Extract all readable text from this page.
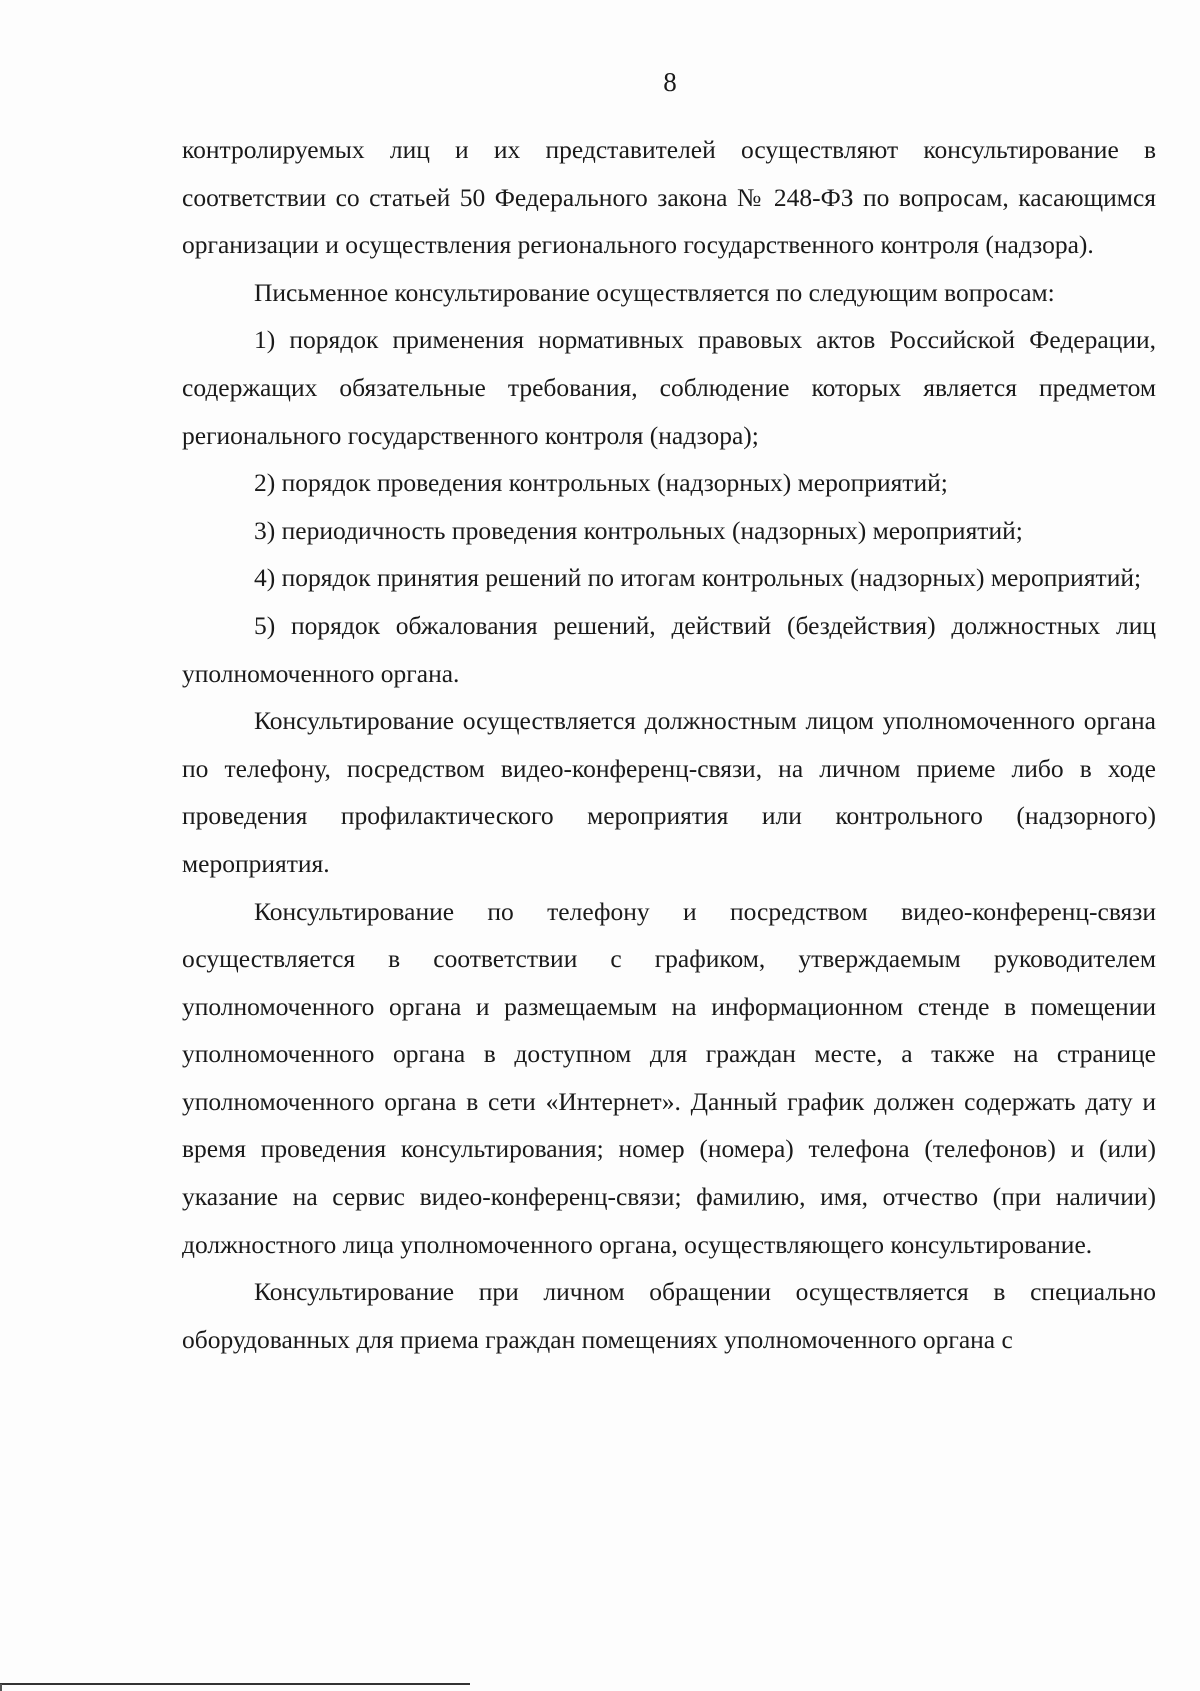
8

контролируемых лиц и их представителей осуществляют консультирование в соответствии со статьей 50 Федерального закона № 248-ФЗ по вопросам, касающимся организации и осуществления регионального государственного контроля (надзора).

Письменное консультирование осуществляется по следующим вопросам:

1) порядок применения нормативных правовых актов Российской Федерации, содержащих обязательные требования, соблюдение которых является предметом регионального государственного контроля (надзора);

2) порядок проведения контрольных (надзорных) мероприятий;

3) периодичность проведения контрольных (надзорных) мероприятий;

4) порядок принятия решений по итогам контрольных (надзорных) мероприятий;

5) порядок обжалования решений, действий (бездействия) должностных лиц уполномоченного органа.

Консультирование осуществляется должностным лицом уполномоченного органа по телефону, посредством видео-конференц-связи, на личном приеме либо в ходе проведения профилактического мероприятия или контрольного (надзорного) мероприятия.

Консультирование по телефону и посредством видео-конференц-связи осуществляется в соответствии с графиком, утверждаемым руководителем уполномоченного органа и размещаемым на информационном стенде в помещении уполномоченного органа в доступном для граждан месте, а также на странице уполномоченного органа в сети «Интернет». Данный график должен содержать дату и время проведения консультирования; номер (номера) телефона (телефонов) и (или) указание на сервис видео-конференц-связи; фамилию, имя, отчество (при наличии) должностного лица уполномоченного органа, осуществляющего консультирование.

Консультирование при личном обращении осуществляется в специально оборудованных для приема граждан помещениях уполномоченного органа с
